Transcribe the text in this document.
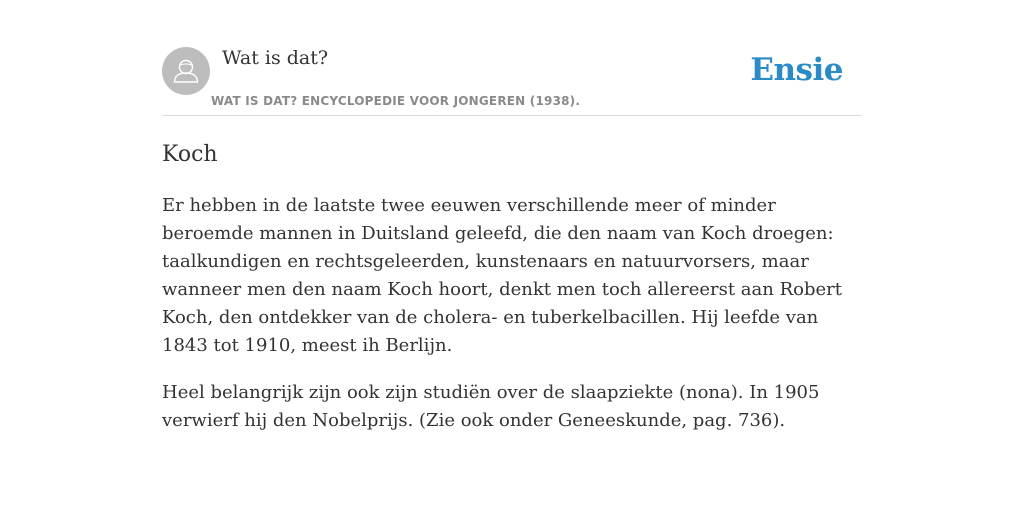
Wat is dat?
WAT IS DAT? ENCYCLOPEDIE VOOR JONGEREN (1938).
Ensie
Koch

Er hebben in de laatste twee eeuwen verschillende meer of minder beroemde mannen in Duitsland geleefd, die den naam van Koch droegen: taalkundigen en rechtsgeleerden, kunstenaars en natuurvorsers, maar wanneer men den naam Koch hoort, denkt men toch allereerst aan Robert Koch, den ontdekker van de cholera- en tuberkelbacillen. Hij leefde van 1843 tot 1910, meest ih Berlijn.

Heel belangrijk zijn ook zijn studiën over de slaapziekte (nona). In 1905 verwierf hij den Nobelprijs. (Zie ook onder Geneeskunde, pag. 736).
